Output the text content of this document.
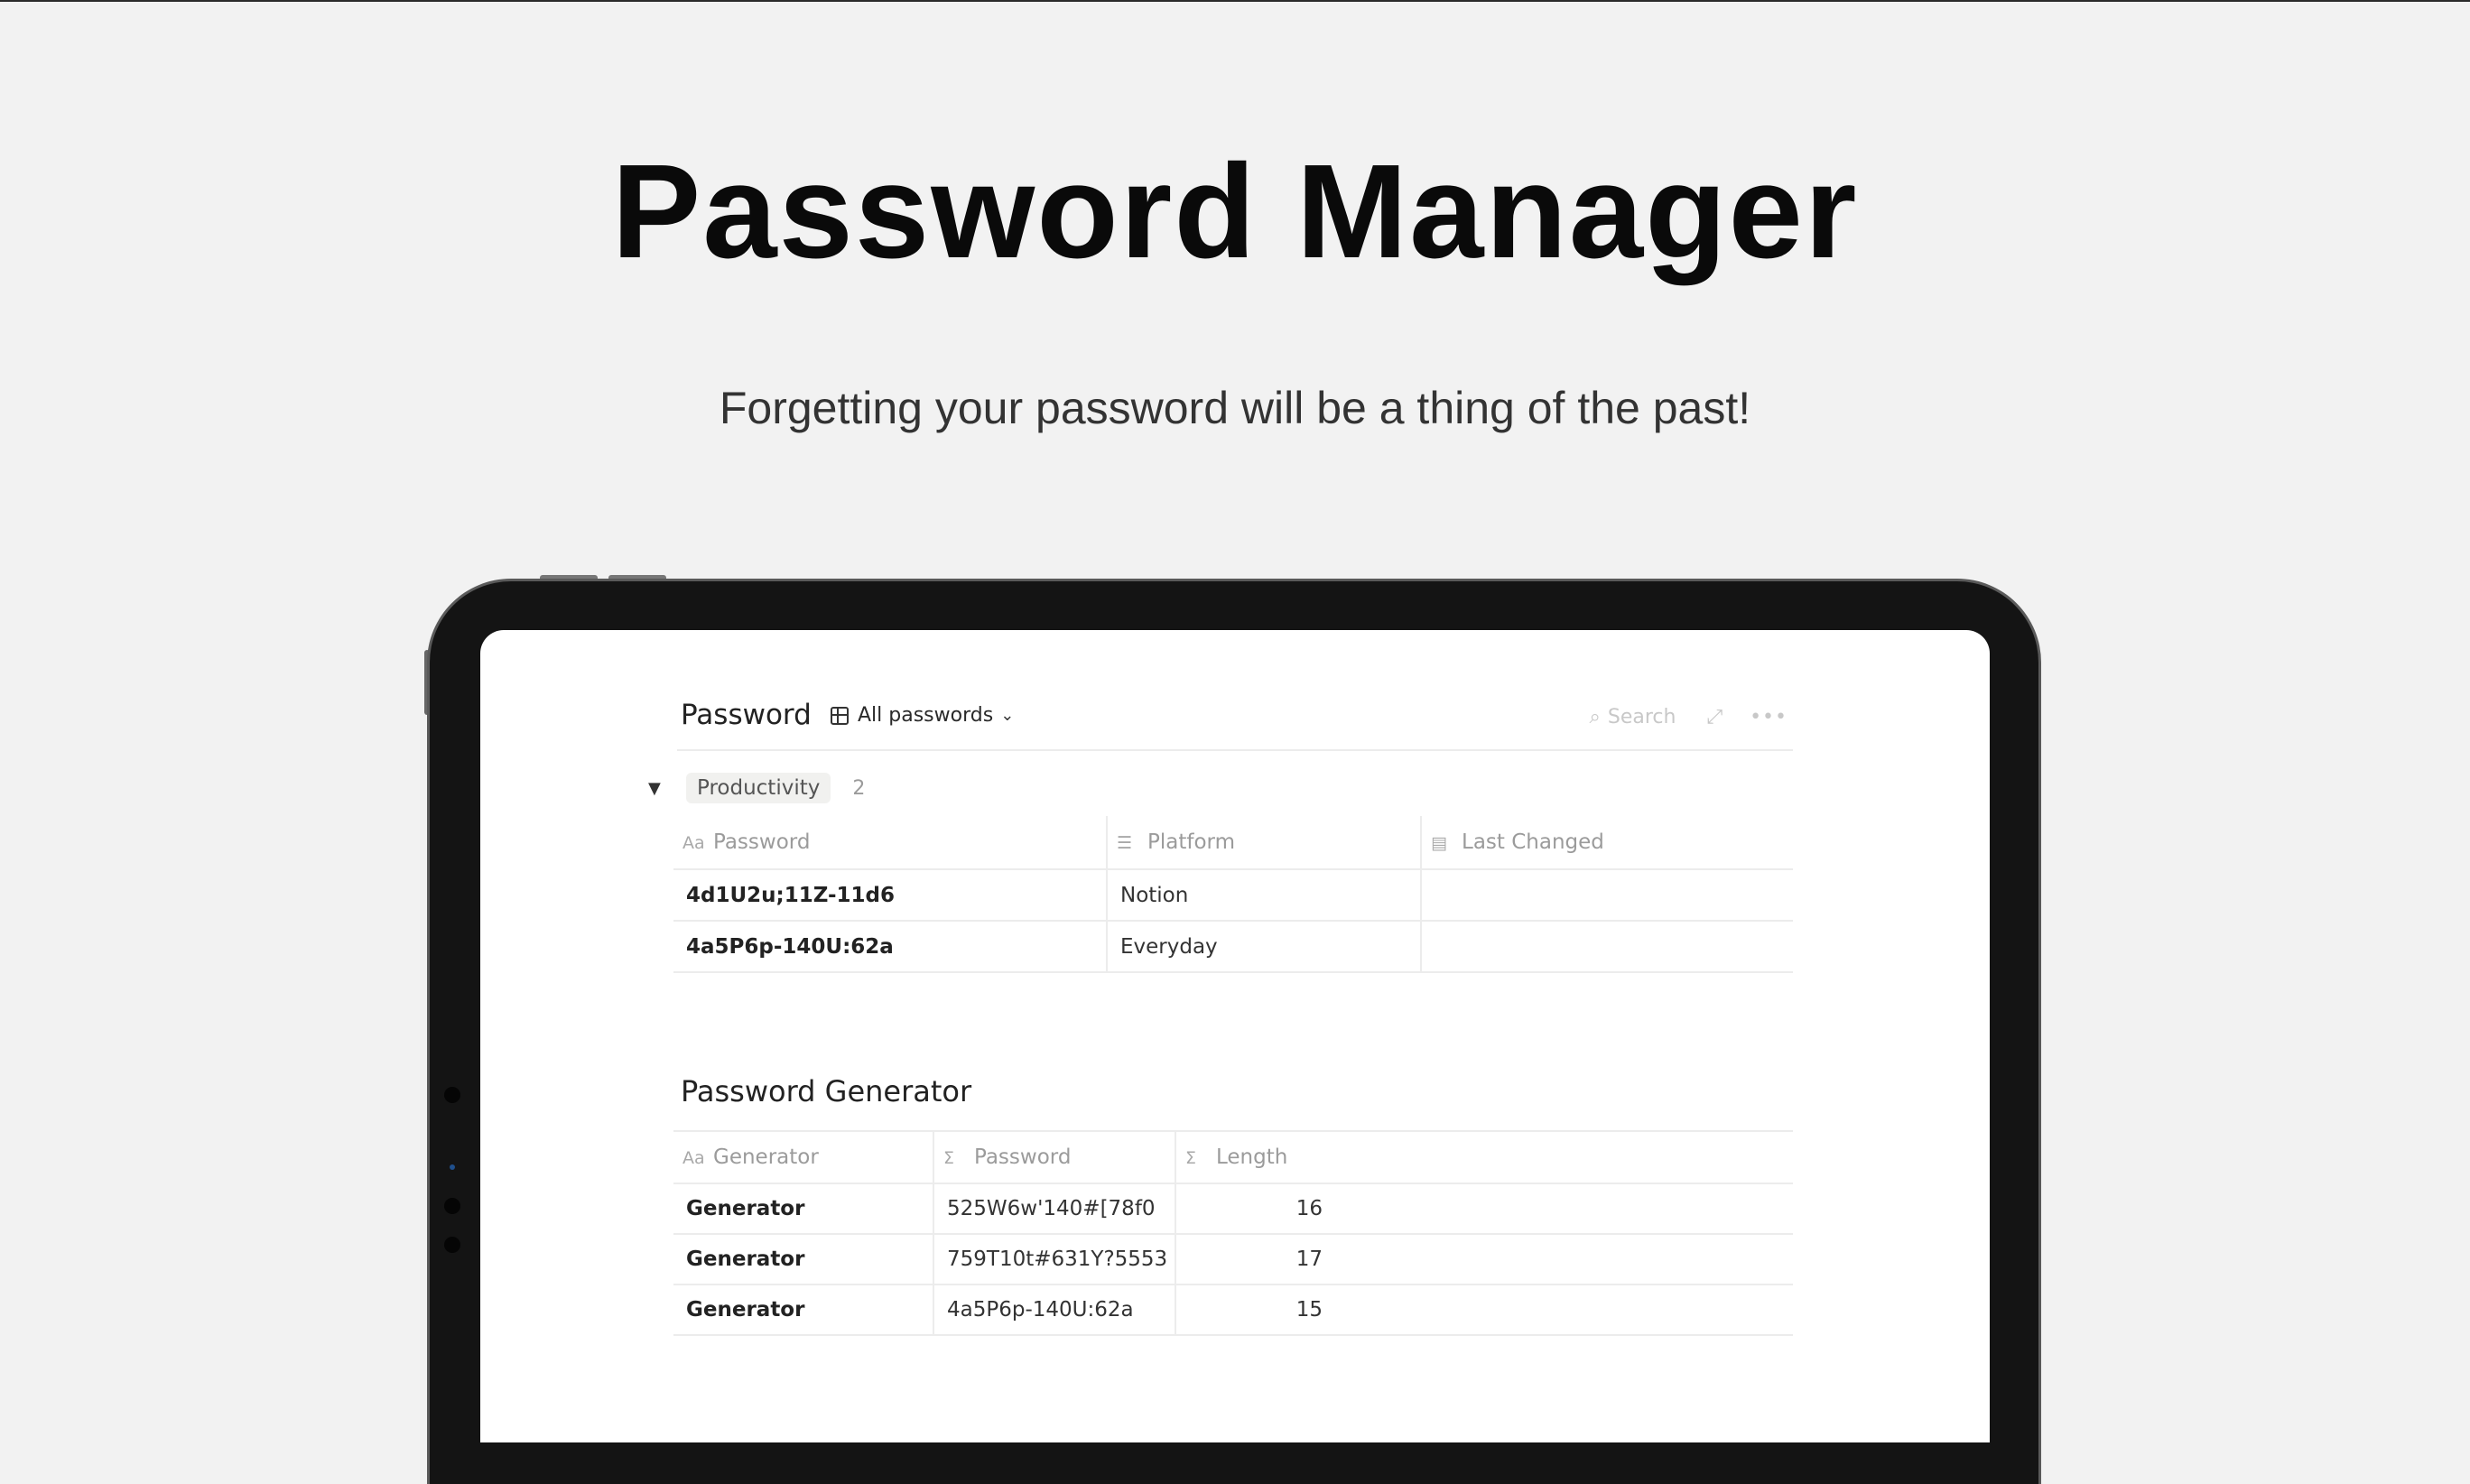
Password Manager
Forgetting your password will be a thing of the past!
Password All passwords ⌄	⌕ Search ⤢ •••
▼	Productivity	2
Aa Password	☰ Platform	▤ Last Changed

4d1U2u;11Z-11d6	Notion	

4a5P6p-140U:62a	Everyday	

Password Generator
Aa Generator	Σ Password	Σ Length

Generator	525W6w'140#[78f0	16

Generator	759T10t#631Y?5553	17

Generator	4a5P6p-140U:62a	15
